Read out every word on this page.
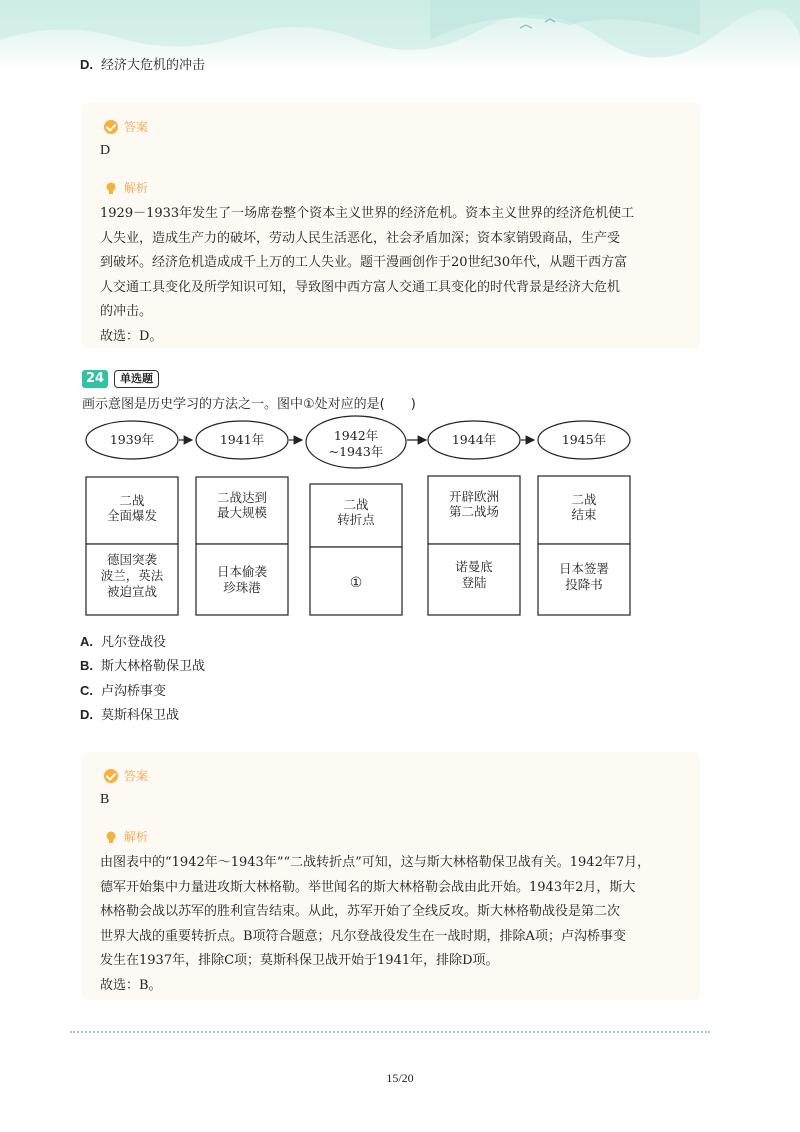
D. 经济大危机的冲击
答案
D
解析
1929－1933年发生了一场席卷整个资本主义世界的经济危机。资本主义世界的经济危机使工
人失业，造成生产力的破坏，劳动人民生活恶化，社会矛盾加深；资本家销毁商品，生产受
到破坏。经济危机造成成千上万的工人失业。题干漫画创作于20世纪30年代，从题干西方富
人交通工具变化及所学知识可知，导致图中西方富人交通工具变化的时代背景是经济大危机
的冲击。
故选：D。
24	单选题
画示意图是历史学习的方法之一。图中①处对应的是(　　)
1939年
二战
全面爆发
德国突袭
波兰，英法
被迫宣战
1941年
二战达到
最大规模
日本偷袭
珍珠港
1942年
~1943年
二战
转折点
①
1944年
开辟欧洲
第二战场
诺曼底
登陆
1945年
二战
结束
日本签署
投降书
A. 凡尔登战役
B. 斯大林格勒保卫战
C. 卢沟桥事变
D. 莫斯科保卫战
答案
B
解析
由图表中的“1942年～1943年”“二战转折点”可知，这与斯大林格勒保卫战有关。1942年7月，
德军开始集中力量进攻斯大林格勒。举世闻名的斯大林格勒会战由此开始。1943年2月，斯大
林格勒会战以苏军的胜利宣告结束。从此，苏军开始了全线反攻。斯大林格勒战役是第二次
世界大战的重要转折点。B项符合题意；凡尔登战役发生在一战时期，排除A项；卢沟桥事变
发生在1937年，排除C项；莫斯科保卫战开始于1941年，排除D项。
故选：B。
15/20
